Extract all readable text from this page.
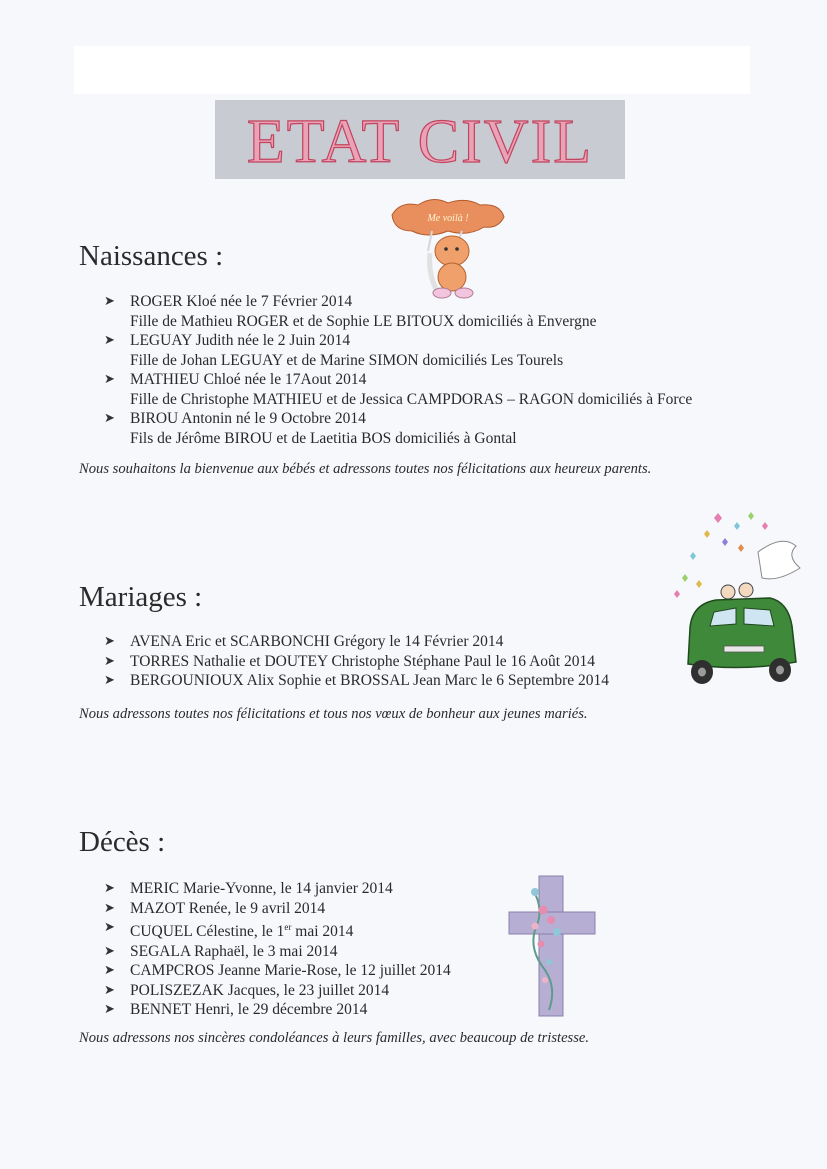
ETAT CIVIL
Me voilà !
Naissances :
➤ ROGER Kloé née le 7 Février 2014
Fille de Mathieu ROGER et de Sophie LE BITOUX domiciliés à Envergne
➤ LEGUAY Judith née le 2 Juin 2014
Fille de Johan LEGUAY et de Marine SIMON domiciliés Les Tourels
➤ MATHIEU Chloé née le 17Aout 2014
Fille de Christophe MATHIEU et de Jessica CAMPDORAS – RAGON domiciliés à Force
➤ BIROU Antonin né le 9 Octobre 2014
Fils de Jérôme BIROU et de Laetitia BOS domiciliés à Gontal

Nous souhaitons la bienvenue aux bébés et adressons toutes nos félicitations aux heureux parents.

Mariages :
➤ AVENA Eric et SCARBONCHI Grégory le 14 Février 2014
➤ TORRES Nathalie et DOUTEY Christophe Stéphane Paul le 16 Août 2014
➤ BERGOUNIOUX Alix Sophie et BROSSAL Jean Marc le 6 Septembre 2014

Nous adressons toutes nos félicitations et tous nos vœux de bonheur aux jeunes mariés.

Décès :
➤ MERIC Marie-Yvonne, le 14 janvier 2014
➤ MAZOT Renée, le 9 avril 2014
➤ CUQUEL Célestine, le 1er mai 2014
➤ SEGALA Raphaël, le 3 mai 2014
➤ CAMPCROS Jeanne Marie-Rose, le 12 juillet 2014
➤ POLISZEZAK Jacques, le 23 juillet 2014
➤ BENNET Henri, le 29 décembre 2014

Nous adressons nos sincères condoléances à leurs familles, avec beaucoup de tristesse.
